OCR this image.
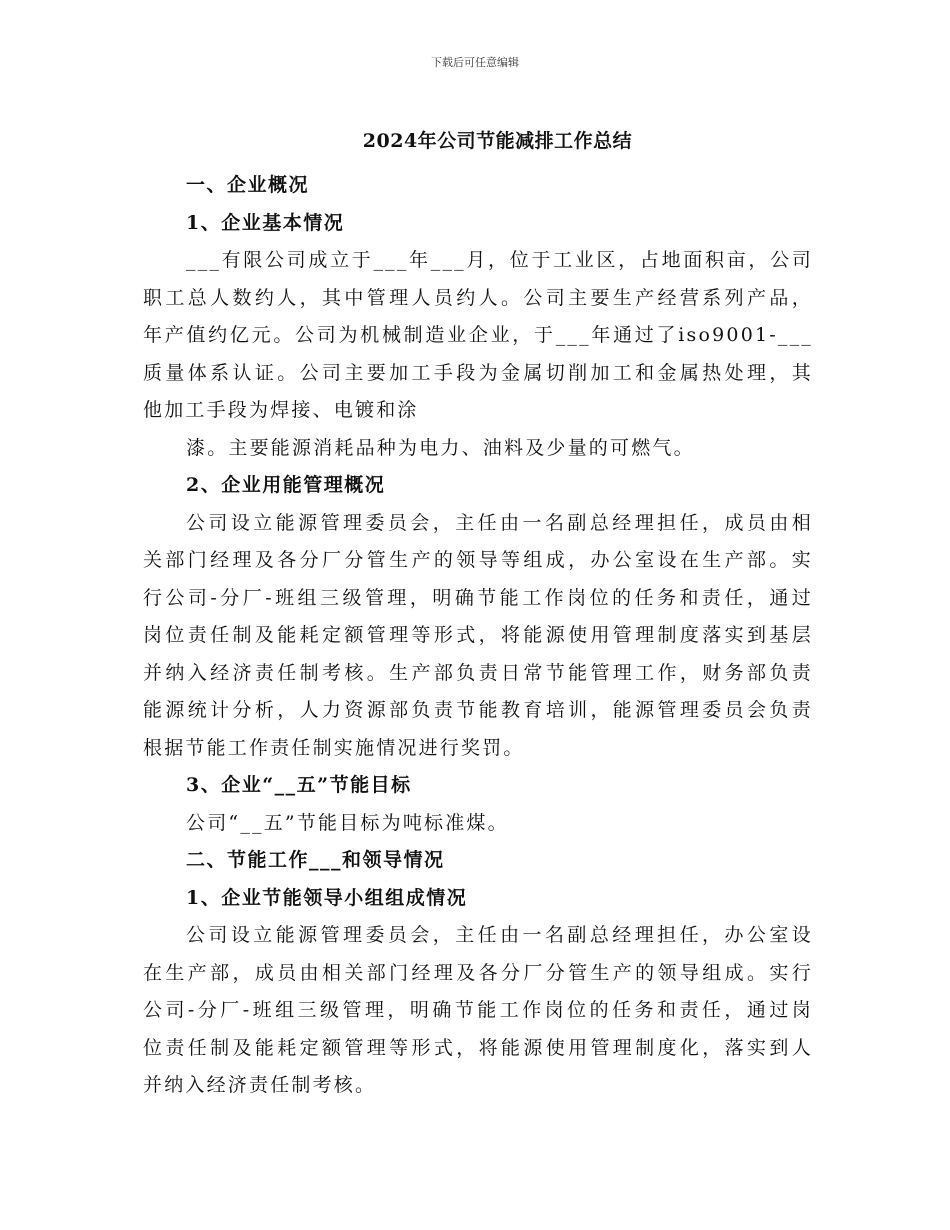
下载后可任意编辑
2024年公司节能减排工作总结
一、企业概况
1、企业基本情况
___有限公司成立于___年___月，位于工业区，占地面积亩，公司
职工总人数约人，其中管理人员约人。公司主要生产经营系列产品，
年产值约亿元。公司为机械制造业企业，于___年通过了iso9001-___
质量体系认证。公司主要加工手段为金属切削加工和金属热处理，其
他加工手段为焊接、电镀和涂
漆。主要能源消耗品种为电力、油料及少量的可燃气。
2、企业用能管理概况
公司设立能源管理委员会，主任由一名副总经理担任，成员由相
关部门经理及各分厂分管生产的领导等组成，办公室设在生产部。实
行公司-分厂-班组三级管理，明确节能工作岗位的任务和责任，通过
岗位责任制及能耗定额管理等形式，将能源使用管理制度落实到基层
并纳入经济责任制考核。生产部负责日常节能管理工作，财务部负责
能源统计分析，人力资源部负责节能教育培训，能源管理委员会负责
根据节能工作责任制实施情况进行奖罚。
3、企业“__五”节能目标
公司“__五”节能目标为吨标准煤。
二、节能工作___和领导情况
1、企业节能领导小组组成情况
公司设立能源管理委员会，主任由一名副总经理担任，办公室设
在生产部，成员由相关部门经理及各分厂分管生产的领导组成。实行
公司-分厂-班组三级管理，明确节能工作岗位的任务和责任，通过岗
位责任制及能耗定额管理等形式，将能源使用管理制度化，落实到人
并纳入经济责任制考核。
